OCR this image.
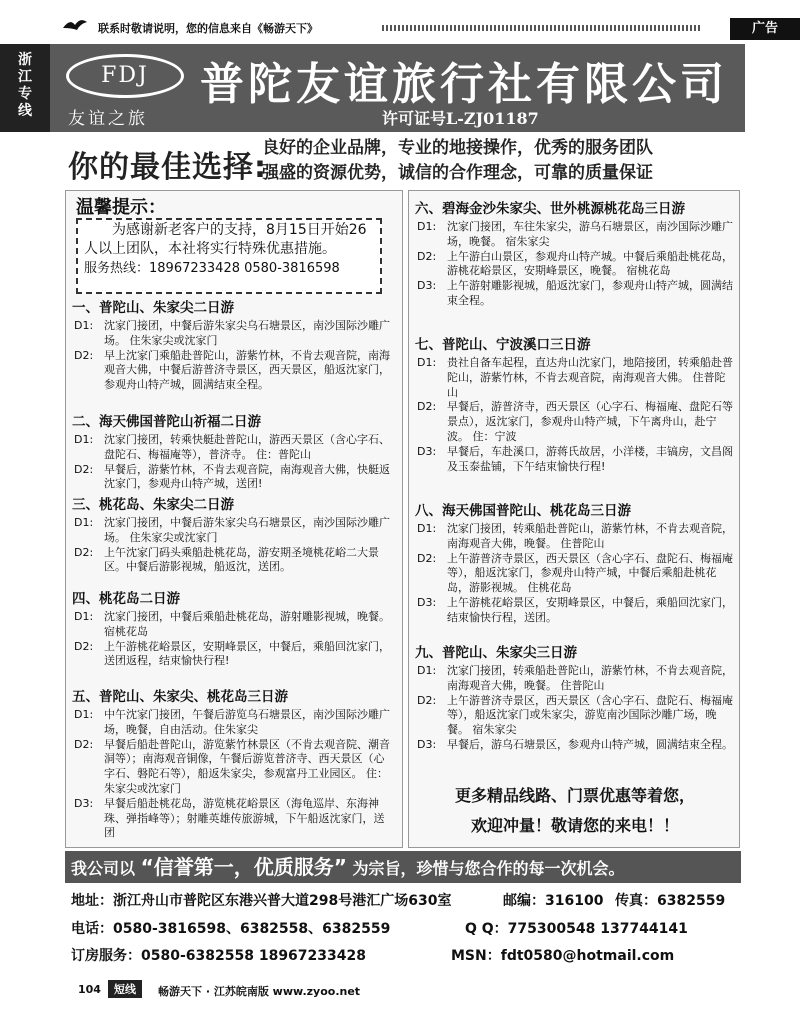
联系时敬请说明，您的信息来自《畅游天下》	广告
浙江专线
FDJ
友谊之旅
普陀友谊旅行社有限公司
许可证号L-ZJ01187
你的最佳选择:
良好的企业品牌，专业的地接操作，优秀的服务团队
强盛的资源优势，诚信的合作理念，可靠的质量保证
温馨提示：
为感谢新老客户的支持，8月15日开始26人以上团队，本社将实行特殊优惠措施。
服务热线：18967233428 0580-3816598
一、普陀山、朱家尖二日游
D1: 沈家门接团，中餐后游朱家尖乌石塘景区，南沙国际沙雕广场。 住朱家尖或沈家门
D2: 早上沈家门乘船赴普陀山，游紫竹林，不肯去观音院，南海观音大佛，中餐后游普济寺景区，西天景区，船返沈家门，参观舟山特产城，圆满结束全程。
二、海天佛国普陀山祈福二日游
D1: 沈家门接团，转乘快艇赴普陀山，游西天景区（含心字石、盘陀石、梅福庵等），普济寺。 住：普陀山
D2: 早餐后，游紫竹林，不肯去观音院，南海观音大佛，快艇返沈家门，参观舟山特产城，送团!
三、桃花岛、朱家尖二日游
D1: 沈家门接团，中餐后游朱家尖乌石塘景区，南沙国际沙雕广场。 住朱家尖或沈家门
D2: 上午沈家门码头乘船赴桃花岛，游安期圣境桃花峪二大景区。中餐后游影视城，船返沈，送团。
四、桃花岛二日游
D1: 沈家门接团，中餐后乘船赴桃花岛，游射雕影视城，晚餐。 宿桃花岛
D2: 上午游桃花峪景区，安期峰景区，中餐后，乘船回沈家门，送团返程，结束愉快行程!
五、普陀山、朱家尖、桃花岛三日游
D1: 中午沈家门接团，午餐后游览乌石塘景区，南沙国际沙雕广场，晚餐，自由活动。住朱家尖
D2: 早餐后船赴普陀山，游览紫竹林景区（不肯去观音院、潮音洞等）；南海观音铜像，午餐后游览普济寺、西天景区（心字石、磐陀石等），船返朱家尖，参观富丹工业园区。 住：朱家尖或沈家门
D3: 早餐后船赴桃花岛，游览桃花峪景区（海龟巡岸、东海神珠、弹指峰等）；射雕英雄传旅游城，下午船返沈家门，送团
六、碧海金沙朱家尖、世外桃源桃花岛三日游
D1: 沈家门接团，车往朱家尖，游乌石塘景区，南沙国际沙雕广场，晚餐。 宿朱家尖
D2: 上午游白山景区，参观舟山特产城。中餐后乘船赴桃花岛，游桃花峪景区，安期峰景区，晚餐。 宿桃花岛
D3: 上午游射雕影视城，船返沈家门，参观舟山特产城，圆满结束全程。
七、普陀山、宁波溪口三日游
D1: 贵社自备车起程，直达舟山沈家门，地陪接团，转乘船赴普陀山，游紫竹林，不肯去观音院，南海观音大佛。 住普陀山
D2: 早餐后，游普济寺，西天景区（心字石、梅福庵、盘陀石等景点），返沈家门，参观舟山特产城，下午离舟山，赴宁波。 住：宁波
D3: 早餐后，车赴溪口，游蒋氏故居，小洋楼，丰镐房，文昌阁及玉泰盐铺，下午结束愉快行程!
八、海天佛国普陀山、桃花岛三日游
D1: 沈家门接团，转乘船赴普陀山，游紫竹林，不肯去观音院，南海观音大佛，晚餐。 住普陀山
D2: 上午游普济寺景区，西天景区（含心字石、盘陀石、梅福庵等），船返沈家门，参观舟山特产城，中餐后乘船赴桃花岛，游影视城。 住桃花岛
D3: 上午游桃花峪景区，安期峰景区，中餐后，乘船回沈家门，结束愉快行程，送团。
九、普陀山、朱家尖三日游
D1: 沈家门接团，转乘船赴普陀山，游紫竹林，不肯去观音院，南海观音大佛，晚餐。 住普陀山
D2: 上午游普济寺景区，西天景区（含心字石、盘陀石、梅福庵等），船返沈家门或朱家尖，游览南沙国际沙雕广场，晚餐。 宿朱家尖
D3: 早餐后，游乌石塘景区，参观舟山特产城，圆满结束全程。
更多精品线路、门票优惠等着您，
欢迎冲量！敬请您的来电！！
我公司以 “信誉第一，优质服务” 为宗旨，珍惜与您合作的每一次机会。
地址：浙江舟山市普陀区东港兴普大道298号港汇广场630室	邮编：316100 传真：6382559
电话：0580-3816598、6382558、6382559	Q Q：775300548 137744141
订房服务：0580-6382558 18967233428	MSN：fdt0580@hotmail.com
104	短线	畅游天下 · 江苏皖南版 www.zyoo.net
